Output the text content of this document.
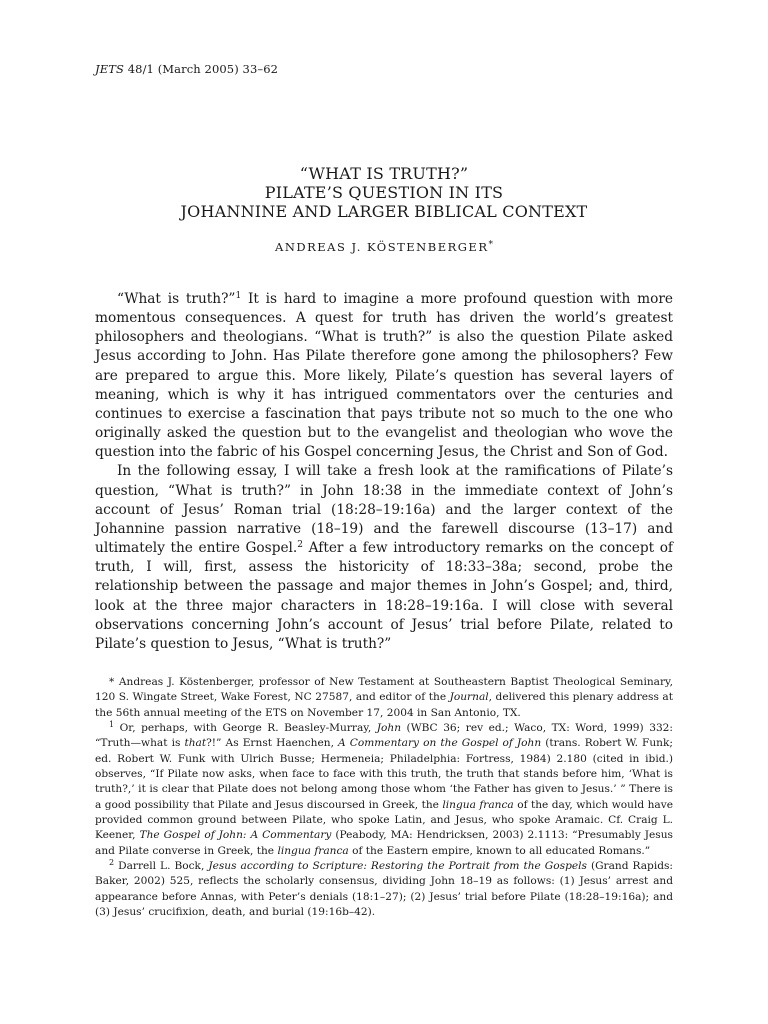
JETS 48/1 (March 2005) 33–62
“WHAT IS TRUTH?”
PILATE’S QUESTION IN ITS
JOHANNINE AND LARGER BIBLICAL CONTEXT
ANDREAS J. KÖSTENBERGER*

“What is truth?”$^1$ It is hard to imagine a more profound question with more momentous consequences. A quest for truth has driven the world’s greatest philosophers and theologians. “What is truth?” is also the question Pilate asked Jesus according to John. Has Pilate therefore gone among the philosophers? Few are prepared to argue this. More likely, Pilate’s question has several layers of meaning, which is why it has intrigued commentators over the centuries and continues to exercise a fascination that pays tribute not so much to the one who originally asked the question but to the evangelist and theologian who wove the question into the fabric of his Gospel concerning Jesus, the Christ and Son of God.

In the following essay, I will take a fresh look at the ramifications of Pilate’s question, “What is truth?” in John 18:38 in the immediate context of John’s account of Jesus’ Roman trial (18:28–19:16a) and the larger context of the Johannine passion narrative (18–19) and the farewell discourse (13–17) and ultimately the entire Gospel.$^2$ After a few introductory remarks on the concept of truth, I will, first, assess the historicity of 18:33–38a; second, probe the relationship between the passage and major themes in John’s Gospel; and, third, look at the three major characters in 18:28–19:16a. I will close with several observations concerning John’s account of Jesus’ trial before Pilate, related to Pilate’s question to Jesus, “What is truth?”

* Andreas J. Köstenberger, professor of New Testament at Southeastern Baptist Theological Seminary, 120 S. Wingate Street, Wake Forest, NC 27587, and editor of the Journal, delivered this plenary address at the 56th annual meeting of the ETS on November 17, 2004 in San Antonio, TX.

$^1$ Or, perhaps, with George R. Beasley-Murray, John (WBC 36; rev ed.; Waco, TX: Word, 1999) 332: “Truth—what is that?!” As Ernst Haenchen, A Commentary on the Gospel of John (trans. Robert W. Funk; ed. Robert W. Funk with Ulrich Busse; Hermeneia; Philadelphia: Fortress, 1984) 2.180 (cited in ibid.) observes, “If Pilate now asks, when face to face with this truth, the truth that stands before him, ‘What is truth?,’ it is clear that Pilate does not belong among those whom ‘the Father has given to Jesus.’ ” There is a good possibility that Pilate and Jesus discoursed in Greek, the lingua franca of the day, which would have provided common ground between Pilate, who spoke Latin, and Jesus, who spoke Aramaic. Cf. Craig L. Keener, The Gospel of John: A Commentary (Peabody, MA: Hendricksen, 2003) 2.1113: “Presumably Jesus and Pilate converse in Greek, the lingua franca of the Eastern empire, known to all educated Romans.”

$^2$ Darrell L. Bock, Jesus according to Scripture: Restoring the Portrait from the Gospels (Grand Rapids: Baker, 2002) 525, reflects the scholarly consensus, dividing John 18–19 as follows: (1) Jesus’ arrest and appearance before Annas, with Peter’s denials (18:1–27); (2) Jesus’ trial before Pilate (18:28–19:16a); and (3) Jesus’ crucifixion, death, and burial (19:16b–42).
